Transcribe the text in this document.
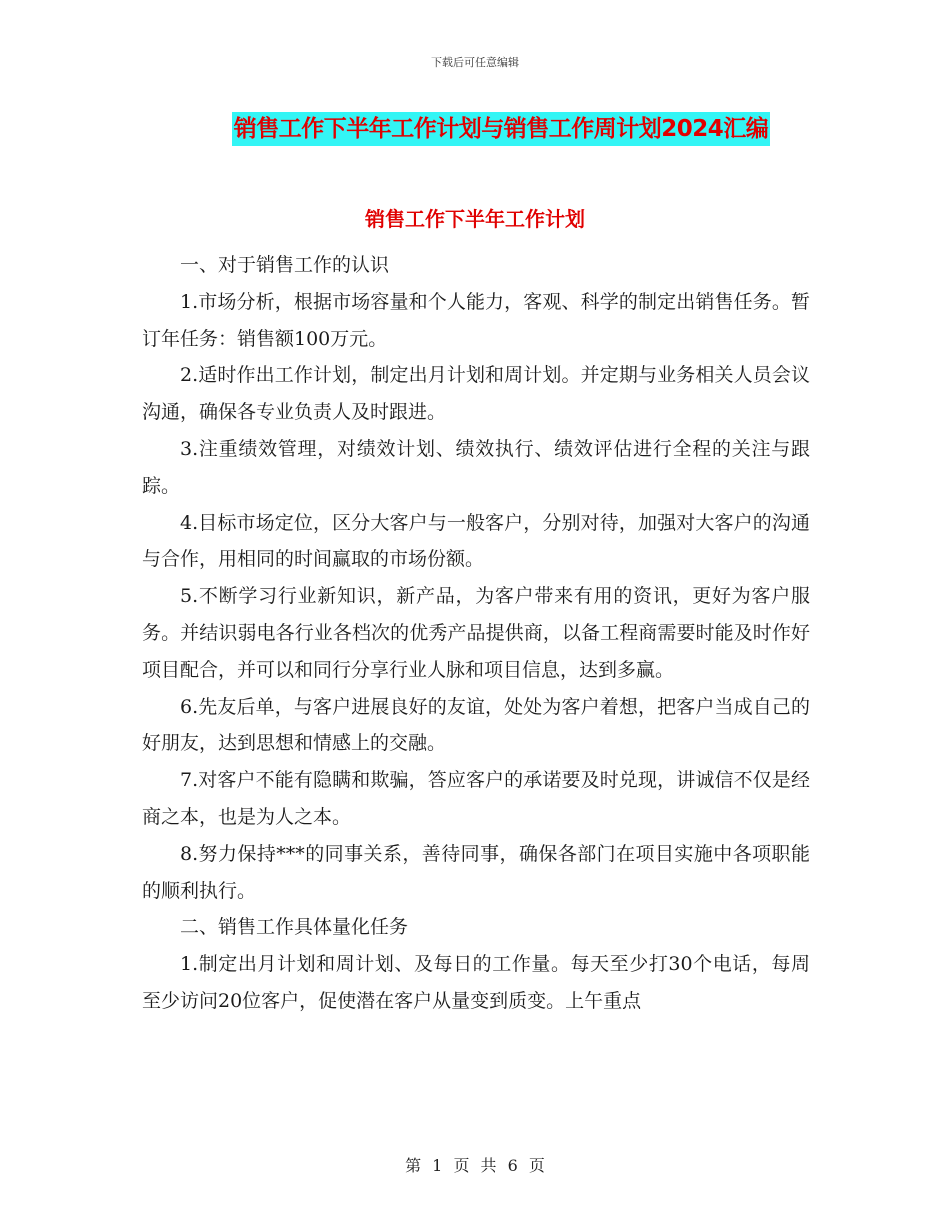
下载后可任意编辑
销售工作下半年工作计划与销售工作周计划2024汇编
销售工作下半年工作计划

一、对于销售工作的认识

1.市场分析，根据市场容量和个人能力，客观、科学的制定出销售任务。暂订年任务：销售额100万元。

2.适时作出工作计划，制定出月计划和周计划。并定期与业务相关人员会议沟通，确保各专业负责人及时跟进。

3.注重绩效管理，对绩效计划、绩效执行、绩效评估进行全程的关注与跟踪。

4.目标市场定位，区分大客户与一般客户，分别对待，加强对大客户的沟通与合作，用相同的时间赢取的市场份额。

5.不断学习行业新知识，新产品，为客户带来有用的资讯，更好为客户服务。并结识弱电各行业各档次的优秀产品提供商，以备工程商需要时能及时作好项目配合，并可以和同行分享行业人脉和项目信息，达到多赢。

6.先友后单，与客户进展良好的友谊，处处为客户着想，把客户当成自己的好朋友，达到思想和情感上的交融。

7.对客户不能有隐瞒和欺骗，答应客户的承诺要及时兑现，讲诚信不仅是经商之本，也是为人之本。

8.努力保持***的同事关系，善待同事，确保各部门在项目实施中各项职能的顺利执行。

二、销售工作具体量化任务

1.制定出月计划和周计划、及每日的工作量。每天至少打30个电话，每周至少访问20位客户，促使潜在客户从量变到质变。上午重点

第 1 页 共 6 页
